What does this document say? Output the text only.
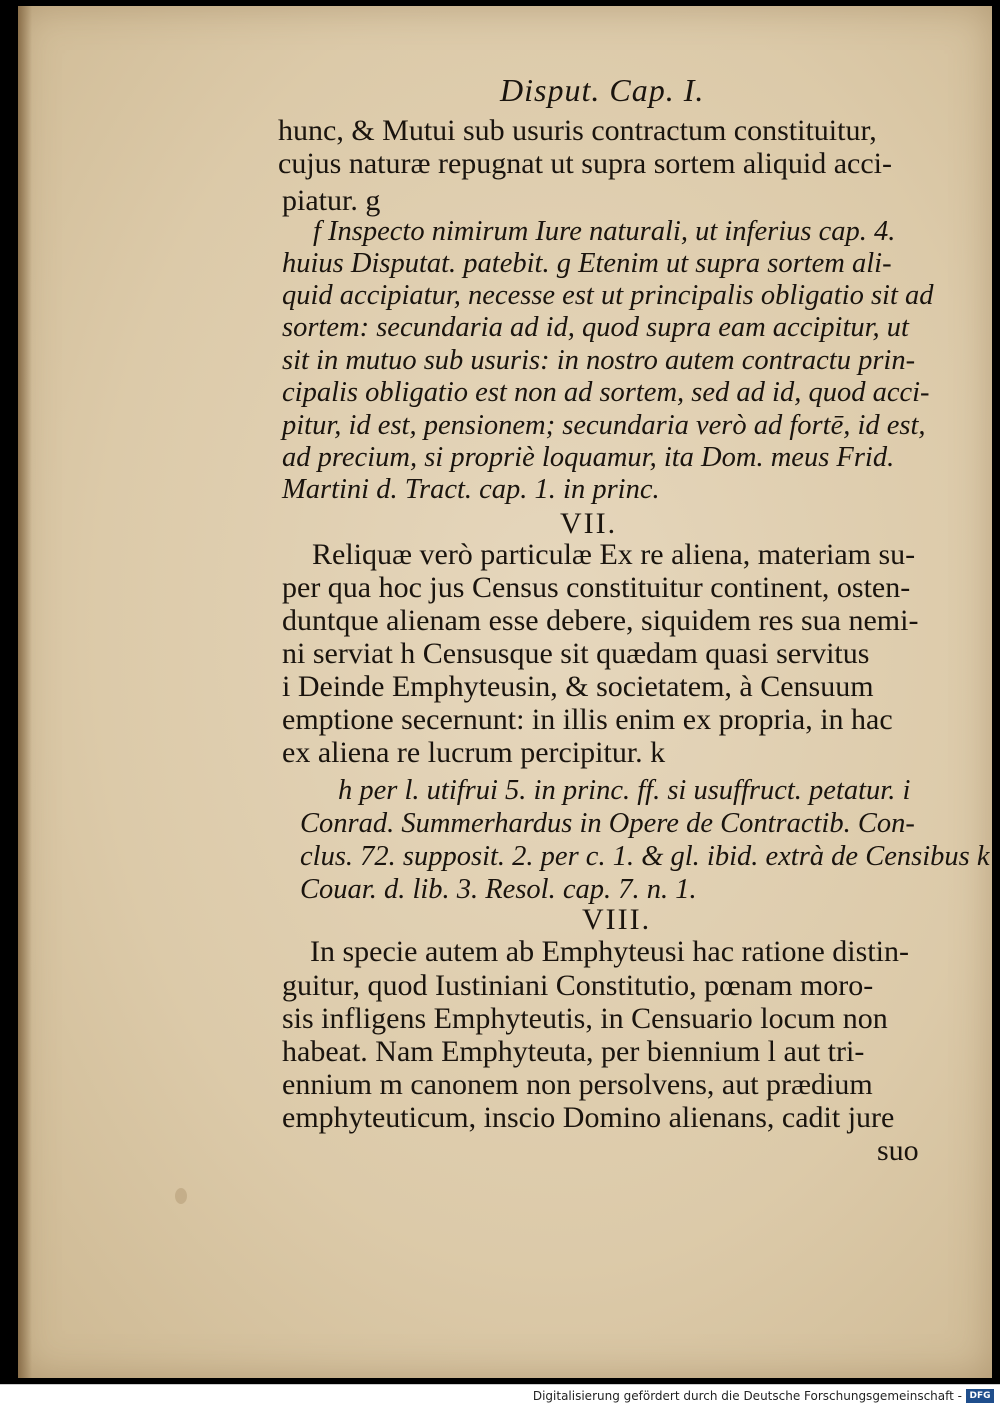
Disput. Cap. I.
hunc, & Mutui sub usuris contractum constituitur,
cujus naturæ repugnat ut supra sortem aliquid acci-
piatur. g
f Inspecto nimirum Iure naturali, ut inferius cap. 4.
huius Disputat. patebit. g Etenim ut supra sortem ali-
quid accipiatur, necesse est ut principalis obligatio sit ad
sortem: secundaria ad id, quod supra eam accipitur, ut
sit in mutuo sub usuris: in nostro autem contractu prin-
cipalis obligatio est non ad sortem, sed ad id, quod acci-
pitur, id est, pensionem; secundaria verò ad fortē, id est,
ad precium, si propriè loquamur, ita Dom. meus Frid.
Martini d. Tract. cap. 1. in princ.
VII.
Reliquæ verò particulæ Ex re aliena, materiam su-
per qua hoc jus Census constituitur continent, osten-
duntque alienam esse debere, siquidem res sua nemi-
ni serviat h Censusque sit quædam quasi servitus
i Deinde Emphyteusin, & societatem, à Censuum
emptione secernunt: in illis enim ex propria, in hac
ex aliena re lucrum percipitur. k
h per l. utifrui 5. in princ. ff. si usuffruct. petatur. i
Conrad. Summerhardus in Opere de Contractib. Con-
clus. 72. supposit. 2. per c. 1. & gl. ibid. extrà de Censibus k
Couar. d. lib. 3. Resol. cap. 7. n. 1.
VIII.
In specie autem ab Emphyteusi hac ratione distin-
guitur, quod Iustiniani Constitutio, pœnam moro-
sis infligens Emphyteutis, in Censuario locum non
habeat. Nam Emphyteuta, per biennium l aut tri-
ennium m canonem non persolvens, aut prædium
emphyteuticum, inscio Domino alienans, cadit jure
suo
Digitalisierung gefördert durch die Deutsche Forschungsgemeinschaft - DFG
